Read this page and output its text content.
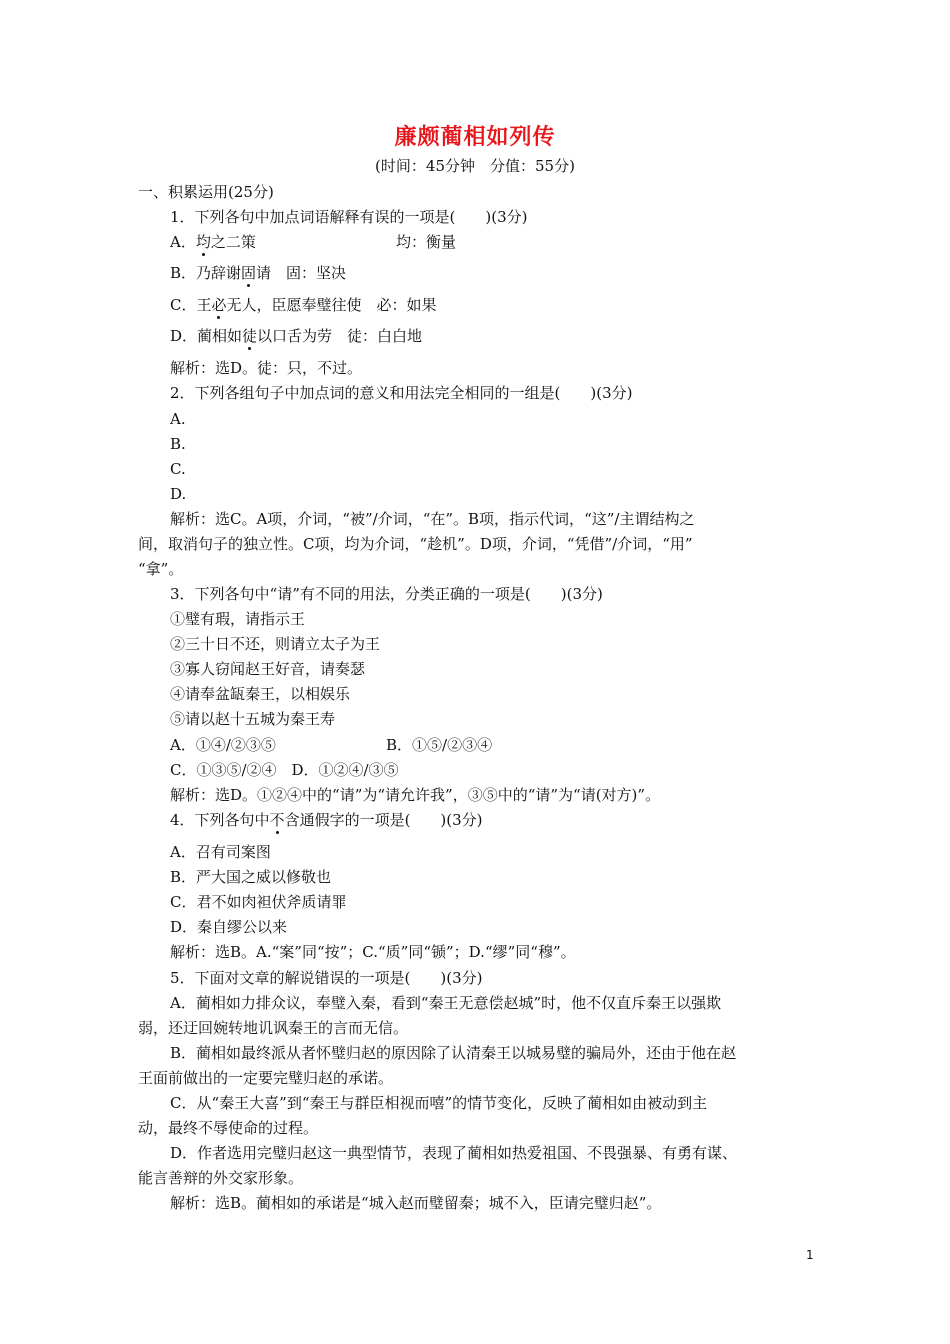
廉颇蔺相如列传
(时间：45分钟　分值：55分)
一、积累运用(25分)
1．下列各句中加点词语解释有误的一项是(　　)(3分)
A．均之二策	均：衡量
B．乃辞谢固请　固：坚决
C．王必无人，臣愿奉璧往使　必：如果
D．蔺相如徒以口舌为劳　徒：白白地
解析：选D。徒：只，不过。
2．下列各组句子中加点词的意义和用法完全相同的一组是(　　)(3分)
A.
B.
C.
D.
解析：选C。A项，介词，“被”/介词，“在”。B项，指示代词，“这”/主谓结构之
间，取消句子的独立性。C项，均为介词，“趁机”。D项，介词，“凭借”/介词，“用”
“拿”。
3．下列各句中“请”有不同的用法，分类正确的一项是(　　)(3分)
①璧有瑕，请指示王
②三十日不还，则请立太子为王
③寡人窃闻赵王好音，请奏瑟
④请奉盆缻秦王，以相娱乐
⑤请以赵十五城为秦王寿
A．①④/②③⑤	B．①⑤/②③④
C．①③⑤/②④　D．①②④/③⑤
解析：选D。①②④中的“请”为“请允许我”，③⑤中的“请”为“请(对方)”。
4．下列各句中不含通假字的一项是(　　)(3分)
A．召有司案图
B．严大国之威以修敬也
C．君不如肉袒伏斧质请罪
D．秦自缪公以来
解析：选B。A.“案”同“按”；C.“质”同“锧”；D.“缪”同“穆”。
5．下面对文章的解说错误的一项是(　　)(3分)
A．蔺相如力排众议，奉璧入秦，看到“秦王无意偿赵城”时，他不仅直斥秦王以强欺
弱，还迂回婉转地讥讽秦王的言而无信。
B．蔺相如最终派从者怀璧归赵的原因除了认清秦王以城易璧的骗局外，还由于他在赵
王面前做出的一定要完璧归赵的承诺。
C．从“秦王大喜”到“秦王与群臣相视而嘻”的情节变化，反映了蔺相如由被动到主
动，最终不辱使命的过程。
D．作者选用完璧归赵这一典型情节，表现了蔺相如热爱祖国、不畏强暴、有勇有谋、
能言善辩的外交家形象。
解析：选B。蔺相如的承诺是“城入赵而璧留秦；城不入，臣请完璧归赵”。
1
